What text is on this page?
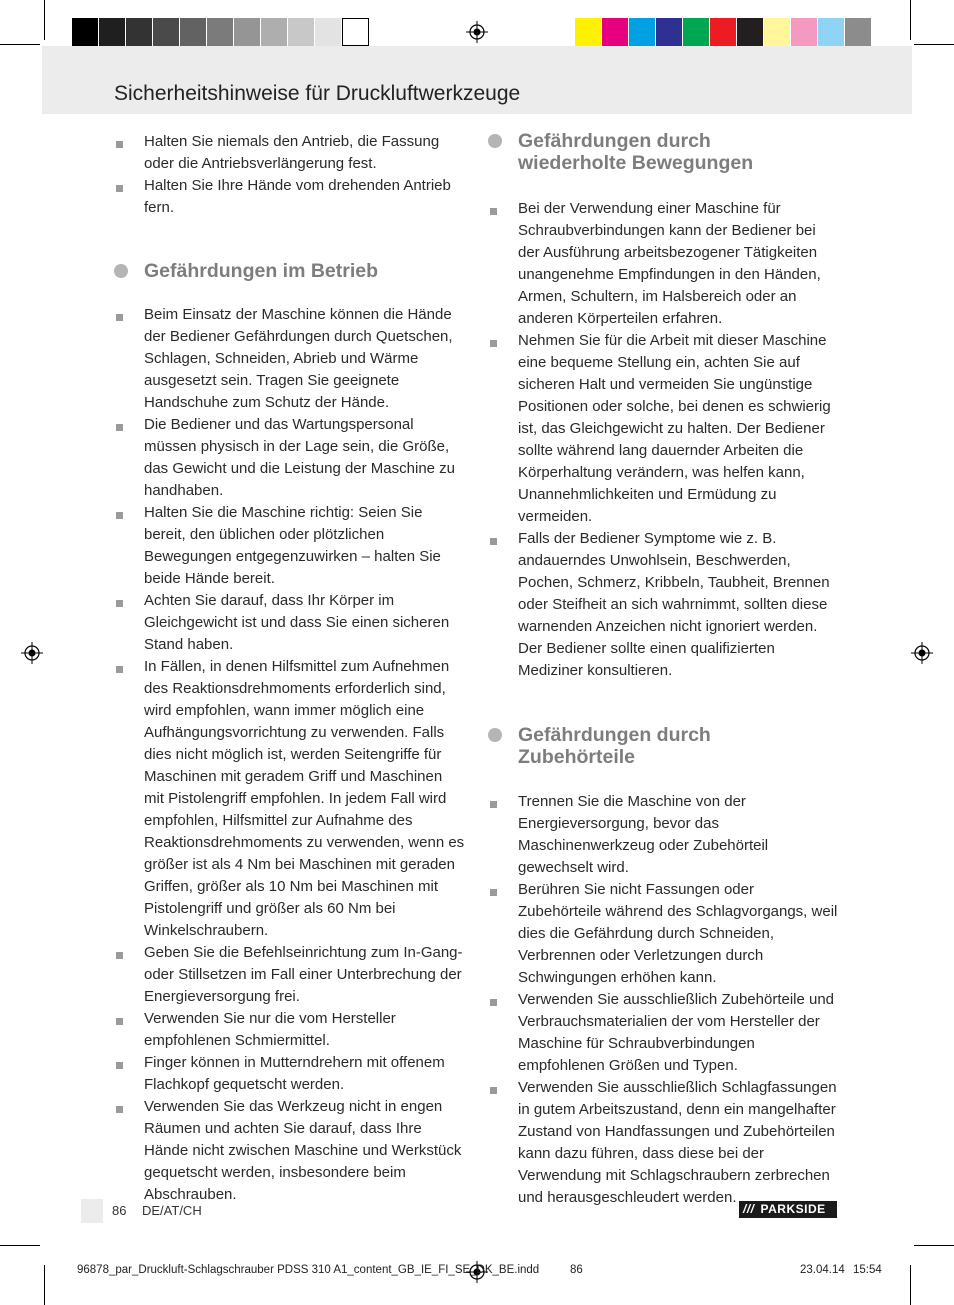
Sicherheitshinweise für Druckluftwerkzeuge

Halten Sie niemals den Antrieb, die Fassung oder die Antriebsverlängerung fest.

Halten Sie Ihre Hände vom drehenden Antrieb fern.

Gefährdungen im Betrieb

Beim Einsatz der Maschine können die Hände der Bediener Gefährdungen durch Quetschen, Schlagen, Schneiden, Abrieb und Wärme ausgesetzt sein. Tragen Sie geeignete Handschuhe zum Schutz der Hände.

Die Bediener und das Wartungspersonal müssen physisch in der Lage sein, die Größe, das Gewicht und die Leistung der Maschine zu handhaben.

Halten Sie die Maschine richtig: Seien Sie bereit, den üblichen oder plötzlichen Bewegungen entgegenzuwirken – halten Sie beide Hände bereit.

Achten Sie darauf, dass Ihr Körper im Gleichgewicht ist und dass Sie einen sicheren Stand haben.

In Fällen, in denen Hilfsmittel zum Aufnehmen des Reaktionsdrehmoments erforderlich sind, wird empfohlen, wann immer möglich eine Aufhängungsvorrichtung zu verwenden. Falls dies nicht möglich ist, werden Seitengriffe für Maschinen mit geradem Griff und Maschinen mit Pistolengriff empfohlen. In jedem Fall wird empfohlen, Hilfsmittel zur Aufnahme des Reaktionsdrehmoments zu verwenden, wenn es größer ist als 4 Nm bei Maschinen mit geraden Griffen, größer als 10 Nm bei Maschinen mit Pistolengriff und größer als 60 Nm bei Winkelschraubern.

Geben Sie die Befehlseinrichtung zum In-Gang- oder Stillsetzen im Fall einer Unterbrechung der Energieversorgung frei.

Verwenden Sie nur die vom Hersteller empfohlenen Schmiermittel.

Finger können in Mutterndrehern mit offenem Flachkopf gequetscht werden.

Verwenden Sie das Werkzeug nicht in engen Räumen und achten Sie darauf, dass Ihre Hände nicht zwischen Maschine und Werkstück gequetscht werden, insbesondere beim Abschrauben.

Gefährdungen durch
wiederholte Bewegungen

Bei der Verwendung einer Maschine für Schraubverbindungen kann der Bediener bei der Ausführung arbeitsbezogener Tätigkeiten unangenehme Empfindungen in den Händen, Armen, Schultern, im Halsbereich oder an anderen Körperteilen erfahren.

Nehmen Sie für die Arbeit mit dieser Maschine eine bequeme Stellung ein, achten Sie auf sicheren Halt und vermeiden Sie ungünstige Positionen oder solche, bei denen es schwierig ist, das Gleichgewicht zu halten. Der Bediener sollte während lang dauernder Arbeiten die Körperhaltung verändern, was helfen kann, Unannehmlichkeiten und Ermüdung zu vermeiden.

Falls der Bediener Symptome wie z. B. andauerndes Unwohlsein, Beschwerden, Pochen, Schmerz, Kribbeln, Taubheit, Brennen oder Steifheit an sich wahrnimmt, sollten diese warnenden Anzeichen nicht ignoriert werden. Der Bediener sollte einen qualifizierten Mediziner konsultieren.

Gefährdungen durch
Zubehörteile

Trennen Sie die Maschine von der Energieversorgung, bevor das Maschinenwerkzeug oder Zubehörteil gewechselt wird.

Berühren Sie nicht Fassungen oder Zubehörteile während des Schlagvorgangs, weil dies die Gefährdung durch Schneiden, Verbrennen oder Verletzungen durch Schwingungen erhöhen kann.

Verwenden Sie ausschließlich Zubehörteile und Verbrauchsmaterialien der vom Hersteller der Maschine für Schraubverbindungen empfohlenen Größen und Typen.

Verwenden Sie ausschließlich Schlagfassungen in gutem Arbeitszustand, denn ein mangelhafter Zustand von Handfassungen und Zubehörteilen kann dazu führen, dass diese bei der Verwendung mit Schlagschraubern zerbrechen und herausgeschleudert werden.

86 DE/AT/CH	/// PARKSIDE
96878_par_Druckluft-Schlagschrauber PDSS 310 A1_content_GB_IE_FI_SE_DK_BE.indd	86	23.04.14 15:54
